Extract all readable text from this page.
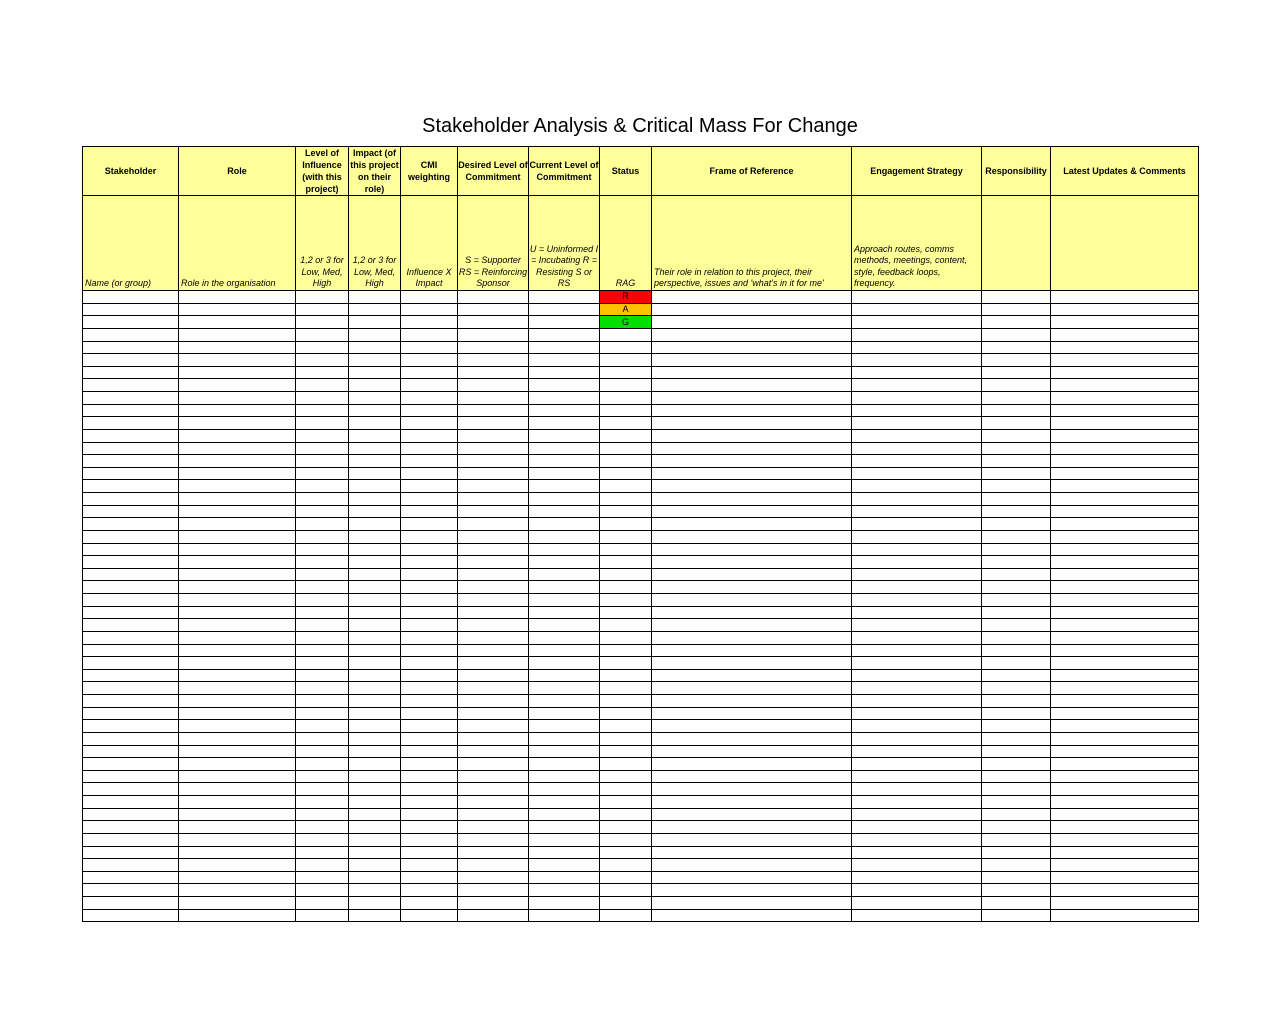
Stakeholder Analysis & Critical Mass For Change
Stakeholder	Role	Level of Influence (with this project)	Impact (of this project on their role)	CMI weighting	Desired Level of Commitment	Current Level of Commitment	Status	Frame of Reference	Engagement Strategy	Responsibility	Latest Updates & Comments
Name (or group)	Role in the organisation	1,2 or 3 for Low, Med, High	1,2 or 3 for Low, Med, High	Influence X Impact	S = Supporter RS = Reinforcing Sponsor	U = Uninformed I = Incubating R = Resisting S or RS	RAG	Their role in relation to this project, their perspective, issues and 'what's in it for me'	Approach routes, comms methods, meetings, content, style, feedback loops, frequency.		
							R				
							A				
							G				
